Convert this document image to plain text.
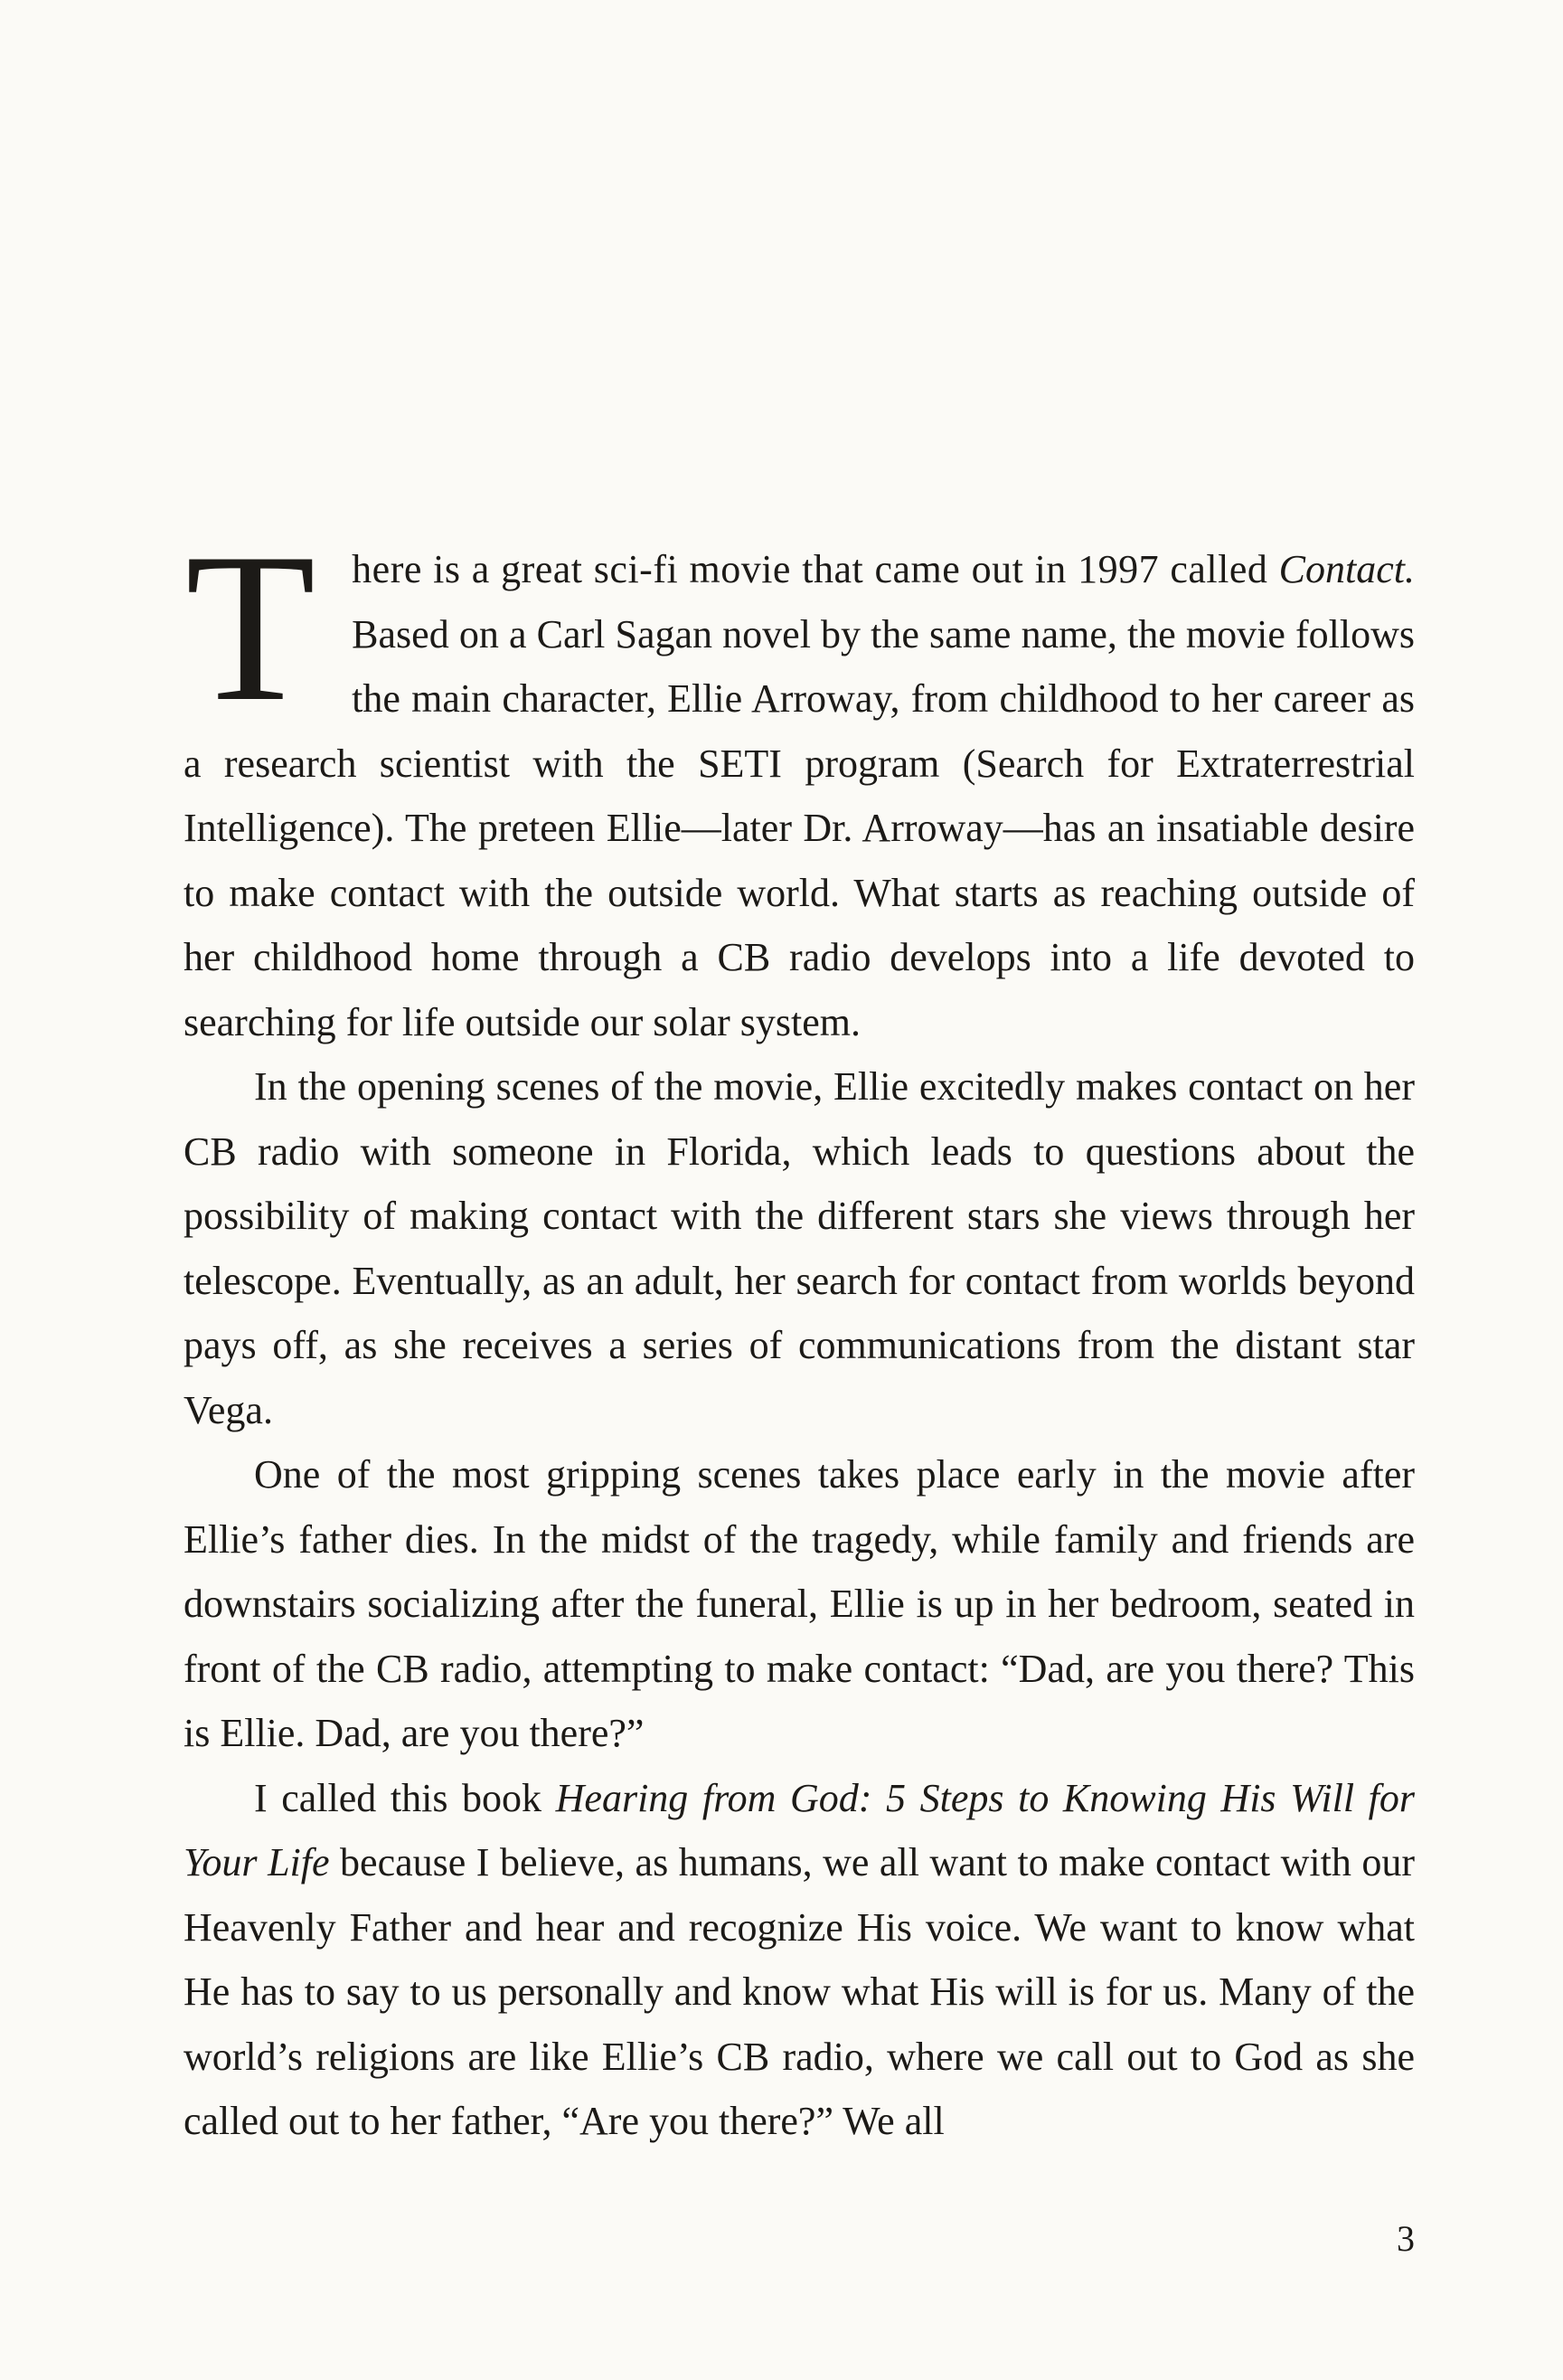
There is a great sci-fi movie that came out in 1997 called Contact. Based on a Carl Sagan novel by the same name, the movie follows the main character, Ellie Arroway, from childhood to her career as a research scientist with the SETI program (Search for Extraterrestrial Intelligence). The preteen Ellie—later Dr. Arroway—has an insatiable desire to make contact with the outside world. What starts as reaching outside of her childhood home through a CB radio develops into a life devoted to searching for life outside our solar system.

In the opening scenes of the movie, Ellie excitedly makes contact on her CB radio with someone in Florida, which leads to questions about the possibility of making contact with the different stars she views through her telescope. Eventually, as an adult, her search for contact from worlds beyond pays off, as she receives a series of communications from the distant star Vega.

One of the most gripping scenes takes place early in the movie after Ellie’s father dies. In the midst of the tragedy, while family and friends are downstairs socializing after the funeral, Ellie is up in her bedroom, seated in front of the CB radio, attempting to make contact: “Dad, are you there? This is Ellie. Dad, are you there?”

I called this book Hearing from God: 5 Steps to Knowing His Will for Your Life because I believe, as humans, we all want to make contact with our Heavenly Father and hear and recognize His voice. We want to know what He has to say to us personally and know what His will is for us. Many of the world’s religions are like Ellie’s CB radio, where we call out to God as she called out to her father, “Are you there?” We all

3
